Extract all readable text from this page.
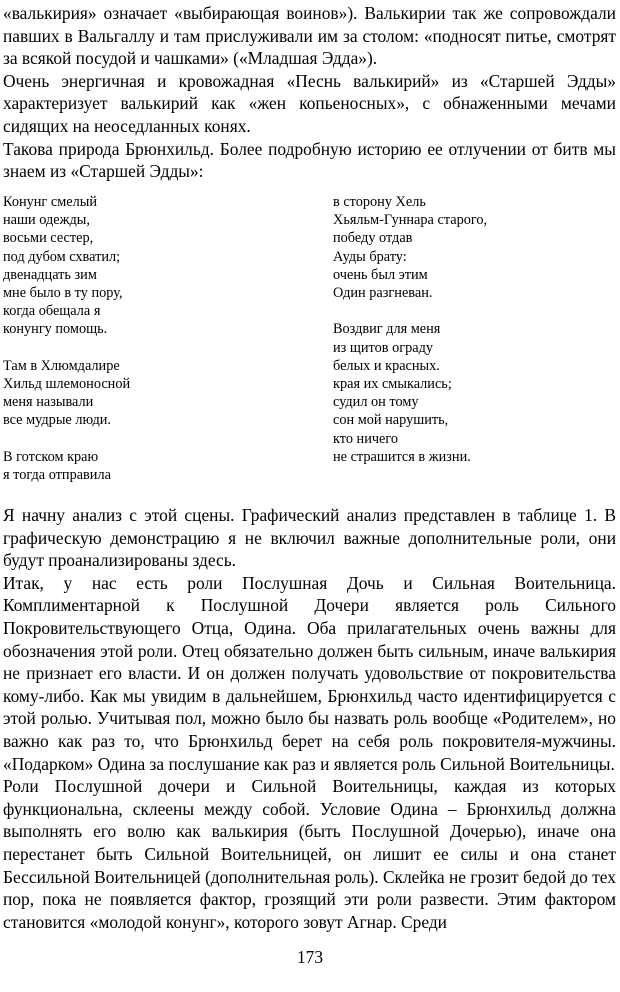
«валькирия» означает «выбирающая воинов»). Валькирии так же сопровождали павших в Вальгаллу и там прислуживали им за столом: «подносят питье, смотрят за всякой посудой и чашками» («Младшая Эдда»).

Очень энергичная и кровожадная «Песнь валькирий» из «Старшей Эдды» характеризует валькирий как «жен копьеносных», с обнаженными мечами сидящих на неоседланных конях.

Такова природа Брюнхильд. Более подробную историю ее отлучении от битв мы знаем из «Старшей Эдды»:

Конунг смелый
наши одежды,
восьми сестер,
под дубом схватил;
двенадцать зим
мне было в ту пору,
когда обещала я
конунгу помощь.
Там в Хлюмдалире
Хильд шлемоносной
меня называли
все мудрые люди.
В готском краю
я тогда отправила
в сторону Хель
Хьяльм-Гуннара старого,
победу отдав
Ауды брату:
очень был этим
Один разгневан.
Воздвиг для меня
из щитов ограду
белых и красных.
края их смыкались;
судил он тому
сон мой нарушить,
кто ничего
не страшится в жизни.

Я начну анализ с этой сцены. Графический анализ представлен в таблице 1. В графическую демонстрацию я не включил важные дополнительные роли, они будут проанализированы здесь.

Итак, у нас есть роли Послушная Дочь и Сильная Воительница. Комплиментарной к Послушной Дочери является роль Сильного Покровительствующего Отца, Одина. Оба прилагательных очень важны для обозначения этой роли. Отец обязательно должен быть сильным, иначе валькирия не признает его власти. И он должен получать удовольствие от покровительства кому-либо. Как мы увидим в дальнейшем, Брюнхильд часто идентифицируется с этой ролью. Учитывая пол, можно было бы назвать роль вообще «Родителем», но важно как раз то, что Брюнхильд берет на себя роль покровителя-мужчины. «Подарком» Одина за послушание как раз и является роль Сильной Воительницы.

Роли Послушной дочери и Сильной Воительницы, каждая из которых функциональна, склеены между собой. Условие Одина – Брюнхильд должна выполнять его волю как валькирия (быть Послушной Дочерью), иначе она перестанет быть Сильной Воительницей, он лишит ее силы и она станет Бессильной Воительницей (дополнительная роль). Склейка не грозит бедой до тех пор, пока не появляется фактор, грозящий эти роли развести. Этим фактором становится «молодой конунг», которого зовут Агнар. Среди

173
